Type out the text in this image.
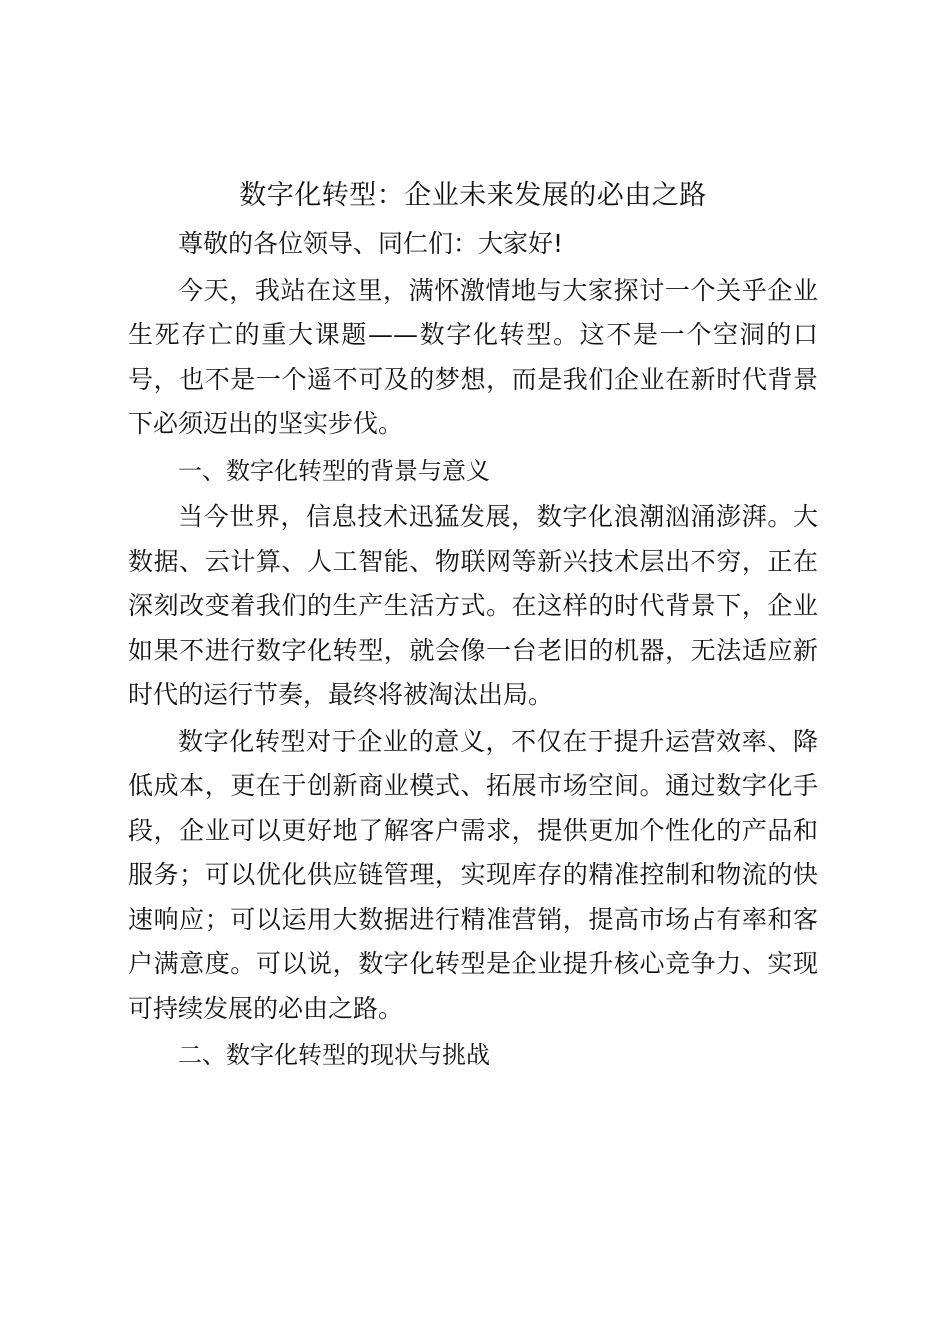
数字化转型：企业未来发展的必由之路

尊敬的各位领导、同仁们：大家好!

今天，我站在这里，满怀激情地与大家探讨一个关乎企业生死存亡的重大课题——数字化转型。这不是一个空洞的口号，也不是一个遥不可及的梦想，而是我们企业在新时代背景下必须迈出的坚实步伐。

一、数字化转型的背景与意义

当今世界，信息技术迅猛发展，数字化浪潮汹涌澎湃。大数据、云计算、人工智能、物联网等新兴技术层出不穷，正在深刻改变着我们的生产生活方式。在这样的时代背景下，企业如果不进行数字化转型，就会像一台老旧的机器，无法适应新时代的运行节奏，最终将被淘汰出局。

数字化转型对于企业的意义，不仅在于提升运营效率、降低成本，更在于创新商业模式、拓展市场空间。通过数字化手段，企业可以更好地了解客户需求，提供更加个性化的产品和服务；可以优化供应链管理，实现库存的精准控制和物流的快速响应；可以运用大数据进行精准营销，提高市场占有率和客户满意度。可以说，数字化转型是企业提升核心竞争力、实现可持续发展的必由之路。

二、数字化转型的现状与挑战
